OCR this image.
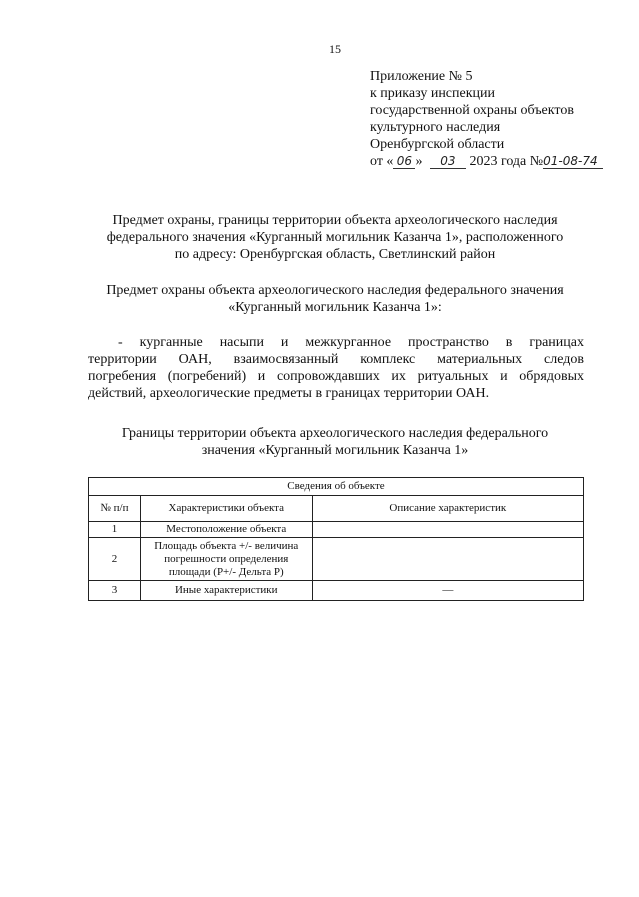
15
Приложение № 5
к приказу инспекции
государственной охраны объектов
культурного наследия
Оренбургской области
от « 06 » 03 2023 года №01-08-74
Предмет охраны, границы территории объекта археологического наследия
федерального значения «Курганный могильник Казанча 1», расположенного
по адресу: Оренбургская область, Светлинский район
Предмет охраны объекта археологического наследия федерального значения
«Курганный могильник Казанча 1»:
- курганные насыпи и межкурганное пространство в границах
территории ОАН, взаимосвязанный комплекс материальных следов
погребения (погребений) и сопровождавших их ритуальных и обрядовых
действий, археологические предметы в границах территории ОАН.
Границы территории объекта археологического наследия федерального
значения «Курганный могильник Казанча 1»
Сведения об объекте		
№ п/п	Характеристики объекта	Описание характеристик
1	Местоположение объекта	
2	Площадь объекта +/- величина погрешности определения площади (Р+/- Дельта Р)	
3	Иные характеристики	—
